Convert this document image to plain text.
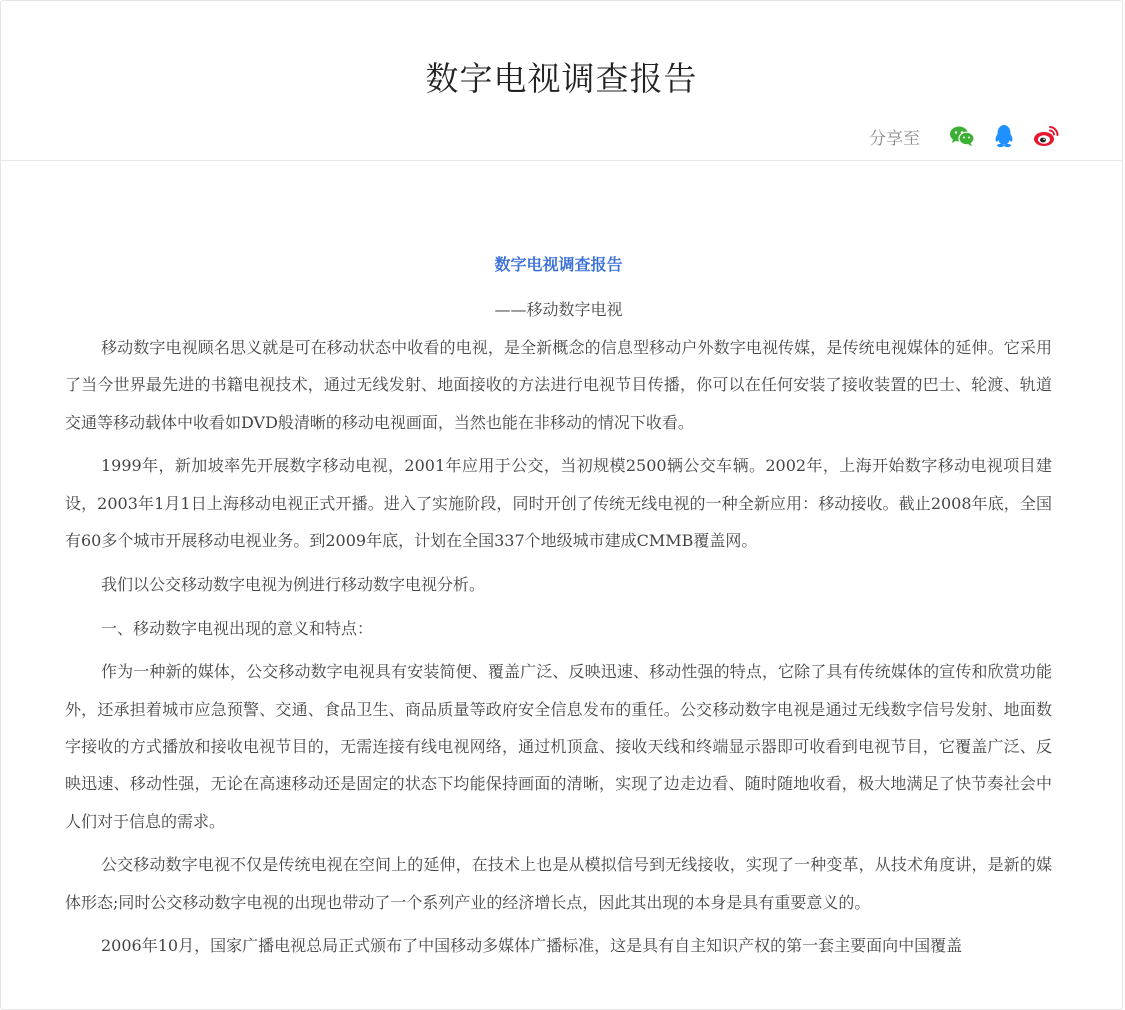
数字电视调查报告
分享至
数字电视调查报告
——移动数字电视

移动数字电视顾名思义就是可在移动状态中收看的电视，是全新概念的信息型移动户外数字电视传媒，是传统电视媒体的延伸。它采用了当今世界最先进的书籍电视技术，通过无线发射、地面接收的方法进行电视节目传播，你可以在任何安装了接收装置的巴士、轮渡、轨道交通等移动载体中收看如DVD般清晰的移动电视画面，当然也能在非移动的情况下收看。

1999年，新加坡率先开展数字移动电视，2001年应用于公交，当初规模2500辆公交车辆。2002年，上海开始数字移动电视项目建设，2003年1月1日上海移动电视正式开播。进入了实施阶段，同时开创了传统无线电视的一种全新应用：移动接收。截止2008年底，全国有60多个城市开展移动电视业务。到2009年底，计划在全国337个地级城市建成CMMB覆盖网。

我们以公交移动数字电视为例进行移动数字电视分析。

一、移动数字电视出现的意义和特点：

作为一种新的媒体，公交移动数字电视具有安装简便、覆盖广泛、反映迅速、移动性强的特点，它除了具有传统媒体的宣传和欣赏功能外，还承担着城市应急预警、交通、食品卫生、商品质量等政府安全信息发布的重任。公交移动数字电视是通过无线数字信号发射、地面数字接收的方式播放和接收电视节目的，无需连接有线电视网络，通过机顶盒、接收天线和终端显示器即可收看到电视节目，它覆盖广泛、反映迅速、移动性强，无论在高速移动还是固定的状态下均能保持画面的清晰，实现了边走边看、随时随地收看，极大地满足了快节奏社会中人们对于信息的需求。

公交移动数字电视不仅是传统电视在空间上的延伸，在技术上也是从模拟信号到无线接收，实现了一种变革，从技术角度讲，是新的媒体形态;同时公交移动数字电视的出现也带动了一个系列产业的经济增长点，因此其出现的本身是具有重要意义的。

2006年10月，国家广播电视总局正式颁布了中国移动多媒体广播标准，这是具有自主知识产权的第一套主要面向中国覆盖
